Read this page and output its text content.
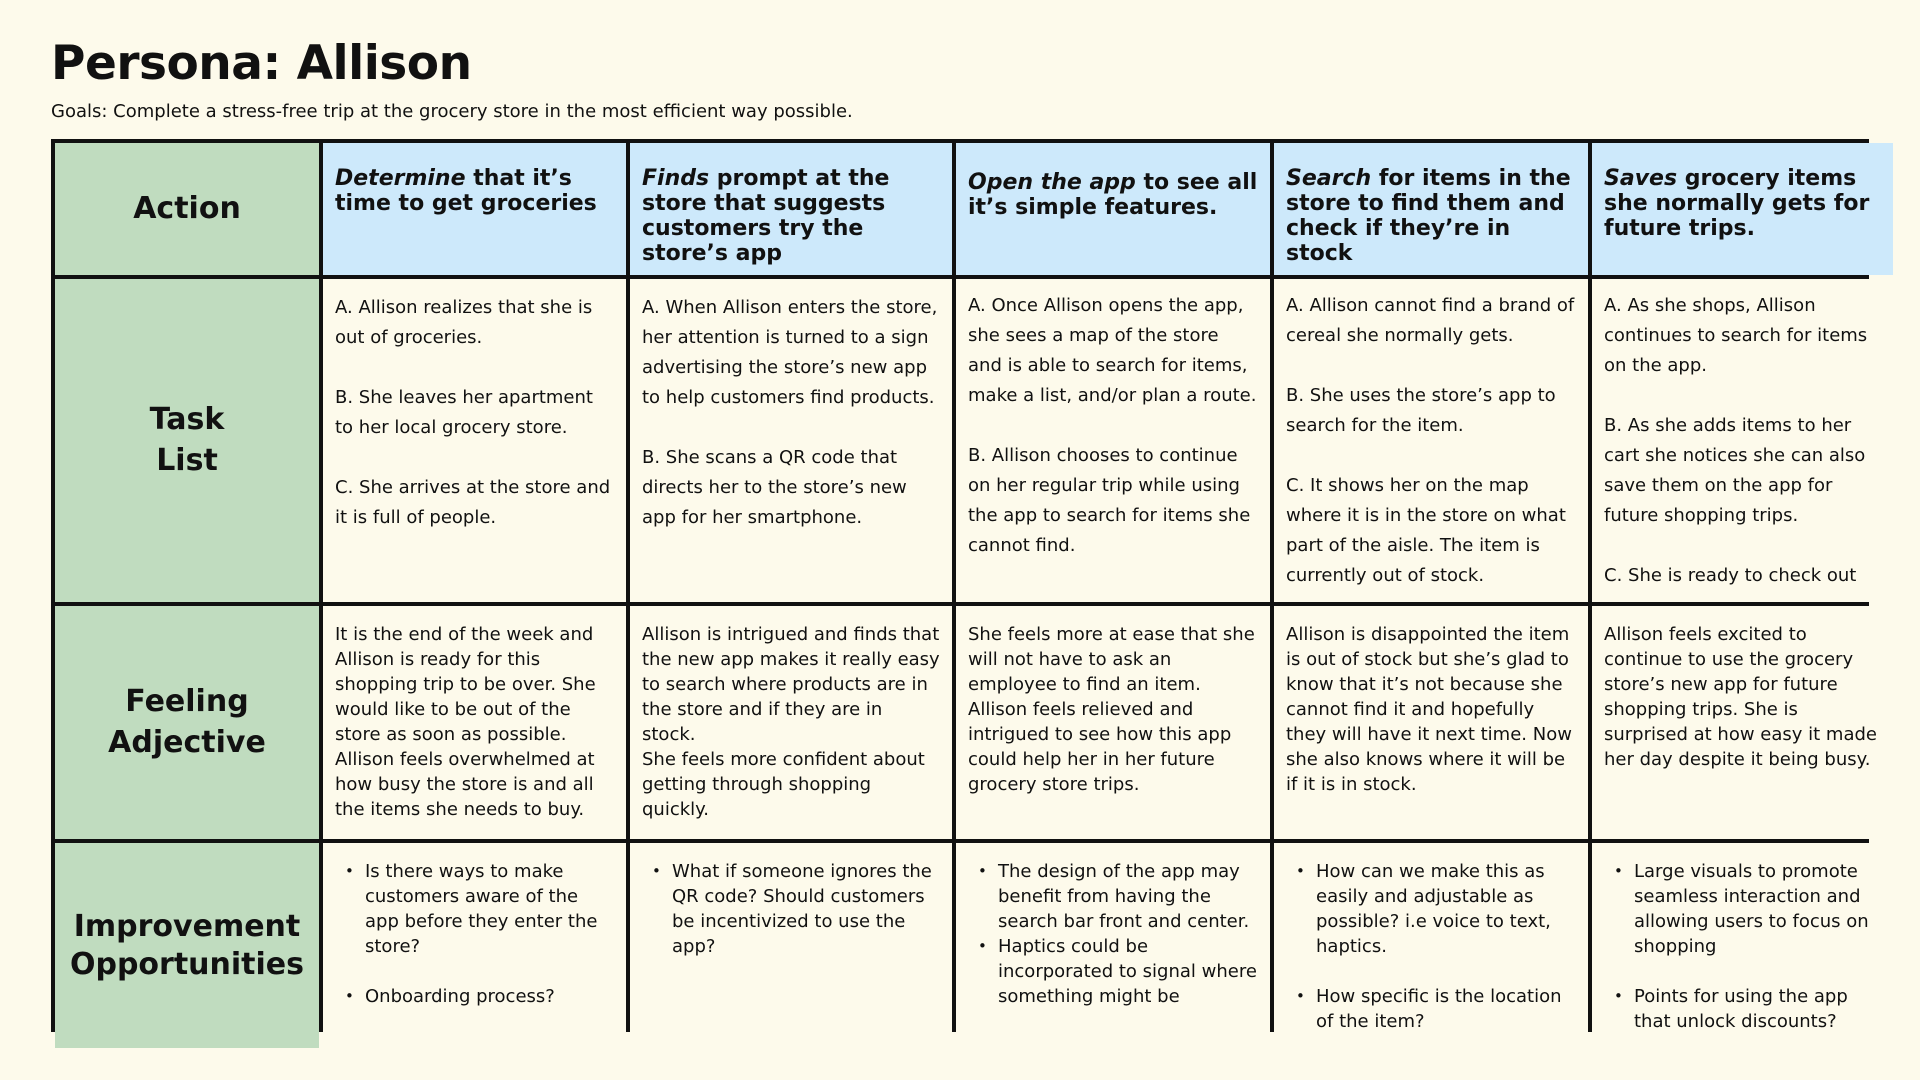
Persona: Allison
Goals: Complete a stress-free trip at the grocery store in the most efficient way possible.
Action
Determine that it’s time to get groceries
Finds prompt at the store that suggests customers try the store’s app
Open the app to see all it’s simple features.
Search for items in the store to find them and check if they’re in stock
Saves grocery items she normally gets for future trips.
Task
List

A. Allison realizes that she is out of groceries.

B. She leaves her apartment to her local grocery store.

C. She arrives at the store and it is full of people.

A. When Allison enters the store, her attention is turned to a sign advertising the store’s new app to help customers find products.

B. She scans a QR code that directs her to the store’s new app for her smartphone.

A. Once Allison opens the app, she sees a map of the store and is able to search for items, make a list, and/or plan a route.

B. Allison chooses to continue on her regular trip while using the app to search for items she cannot find.

A. Allison cannot find a brand of cereal she normally gets.

B. She uses the store’s app to search for the item.

C. It shows her on the map where it is in the store on what part of the aisle. The item is currently out of stock.

A. As she shops, Allison continues to search for items on the app.

B. As she adds items to her cart she notices she can also save them on the app for future shopping trips.

C. She is ready to check out

Feeling
Adjective
It is the end of the week and Allison is ready for this shopping trip to be over. She would like to be out of the store as soon as possible. Allison feels overwhelmed at how busy the store is and all the items she needs to buy.
Allison is intrigued and finds that the new app makes it really easy to search where products are in the store and if they are in stock.
She feels more confident about getting through shopping quickly.
She feels more at ease that she will not have to ask an employee to find an item. Allison feels relieved and intrigued to see how this app could help her in her future grocery store trips.
Allison is disappointed the item is out of stock but she’s glad to know that it’s not because she cannot find it and hopefully they will have it next time. Now she also knows where it will be if it is in stock.
Allison feels excited to continue to use the grocery store’s new app for future shopping trips. She is surprised at how easy it made her day despite it being busy.
Improvement
Opportunities
• Is there ways to make customers aware of the app before they enter the store?
• Onboarding process?
• What if someone ignores the QR code? Should customers be incentivized to use the app?
• The design of the app may benefit from having the search bar front and center.
• Haptics could be incorporated to signal where something might be
• How can we make this as easily and adjustable as possible? i.e voice to text, haptics.
• How specific is the location of the item?
• Large visuals to promote seamless interaction and allowing users to focus on shopping
• Points for using the app that unlock discounts?
